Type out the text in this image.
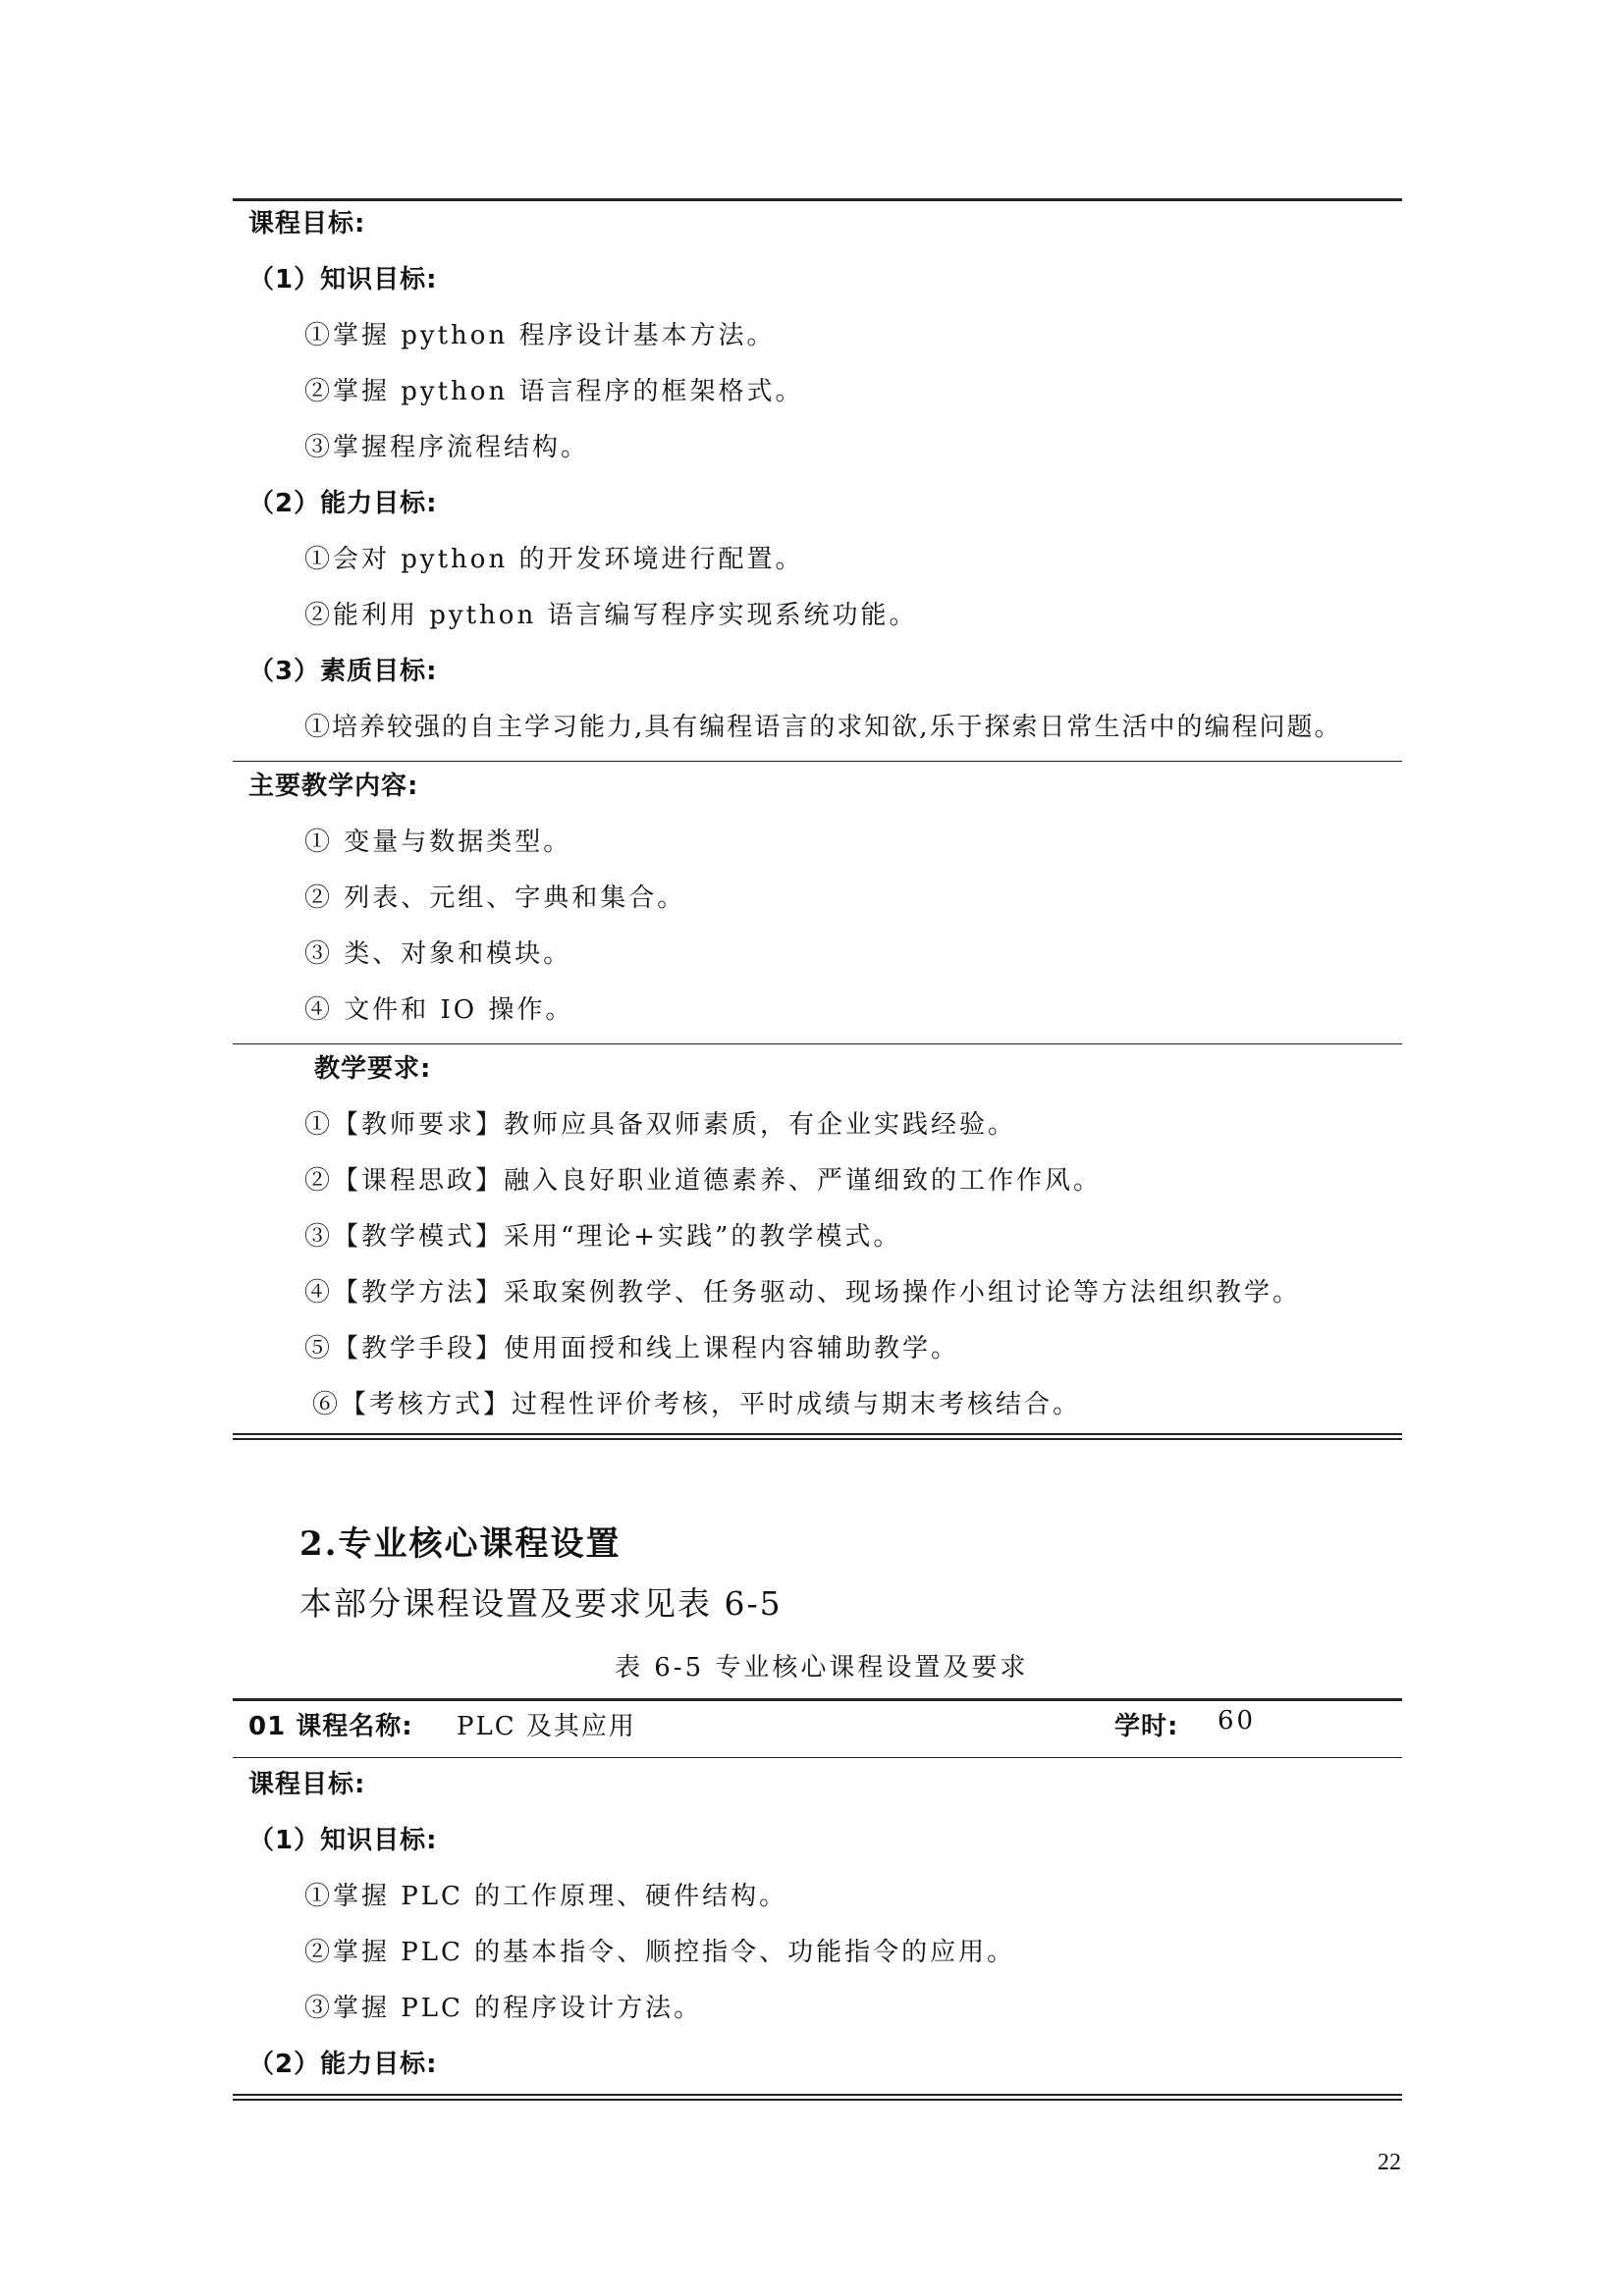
课程目标:
（1）知识目标:
①掌握 python 程序设计基本方法。
②掌握 python 语言程序的框架格式。
③掌握程序流程结构。
（2）能力目标:
①会对 python 的开发环境进行配置。
②能利用 python 语言编写程序实现系统功能。
（3）素质目标:
①培养较强的自主学习能力,具有编程语言的求知欲,乐于探索日常生活中的编程问题。
主要教学内容:
① 变量与数据类型。
② 列表、元组、字典和集合。
③ 类、对象和模块。
④ 文件和 IO 操作。
教学要求:
①【教师要求】教师应具备双师素质，有企业实践经验。
②【课程思政】融入良好职业道德素养、严谨细致的工作作风。
③【教学模式】采用“理论+实践”的教学模式。
④【教学方法】采取案例教学、任务驱动、现场操作小组讨论等方法组织教学。
⑤【教学手段】使用面授和线上课程内容辅助教学。
⑥【考核方式】过程性评价考核，平时成绩与期末考核结合。
2.专业核心课程设置
本部分课程设置及要求见表 6-5
表 6-5 专业核心课程设置及要求
01 课程名称: PLC 及其应用	学时: 60
课程目标:
（1）知识目标:
①掌握 PLC 的工作原理、硬件结构。
②掌握 PLC 的基本指令、顺控指令、功能指令的应用。
③掌握 PLC 的程序设计方法。
（2）能力目标:
22
